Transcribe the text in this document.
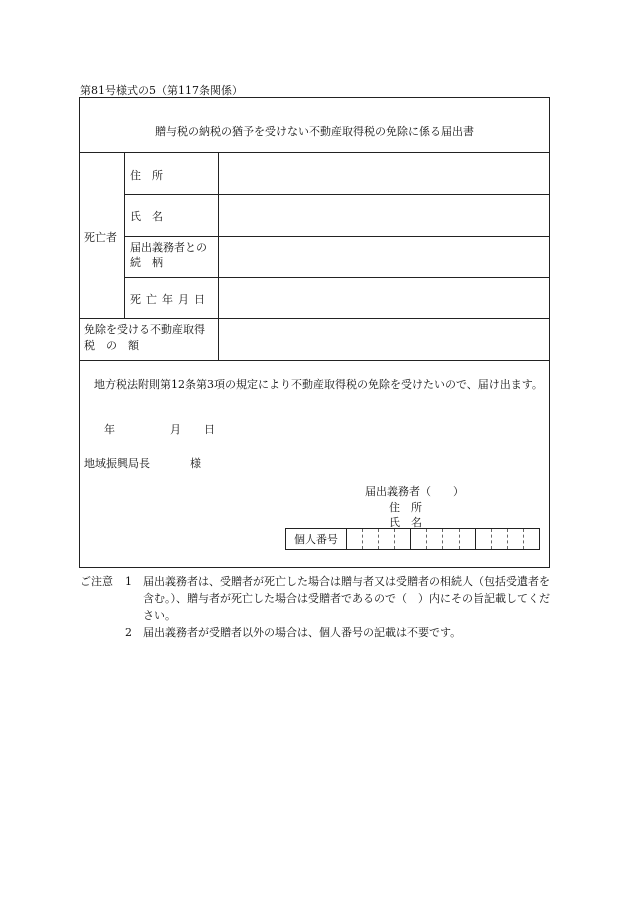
第81号様式の5（第117条関係）
贈与税の納税の猶予を受けない不動産取得税の免除に係る届出書
死亡者
住　所
氏　名
届出義務者との
続　柄
死亡年月日
免除を受ける不動産取得
税　の　額
地方税法附則第12条第3項の規定により不動産取得税の免除を受けたいので、届け出ます。
年	月 日
地域振興局長	様
届出義務者（　　）
住　所
氏　名
個人番号
ご注意	1	届出義務者は、受贈者が死亡した場合は贈与者又は受贈者の相続人（包括受遺者を含む。）、贈与者が死亡した場合は受贈者であるので（　）内にその旨記載してください。
2	届出義務者が受贈者以外の場合は、個人番号の記載は不要です。
